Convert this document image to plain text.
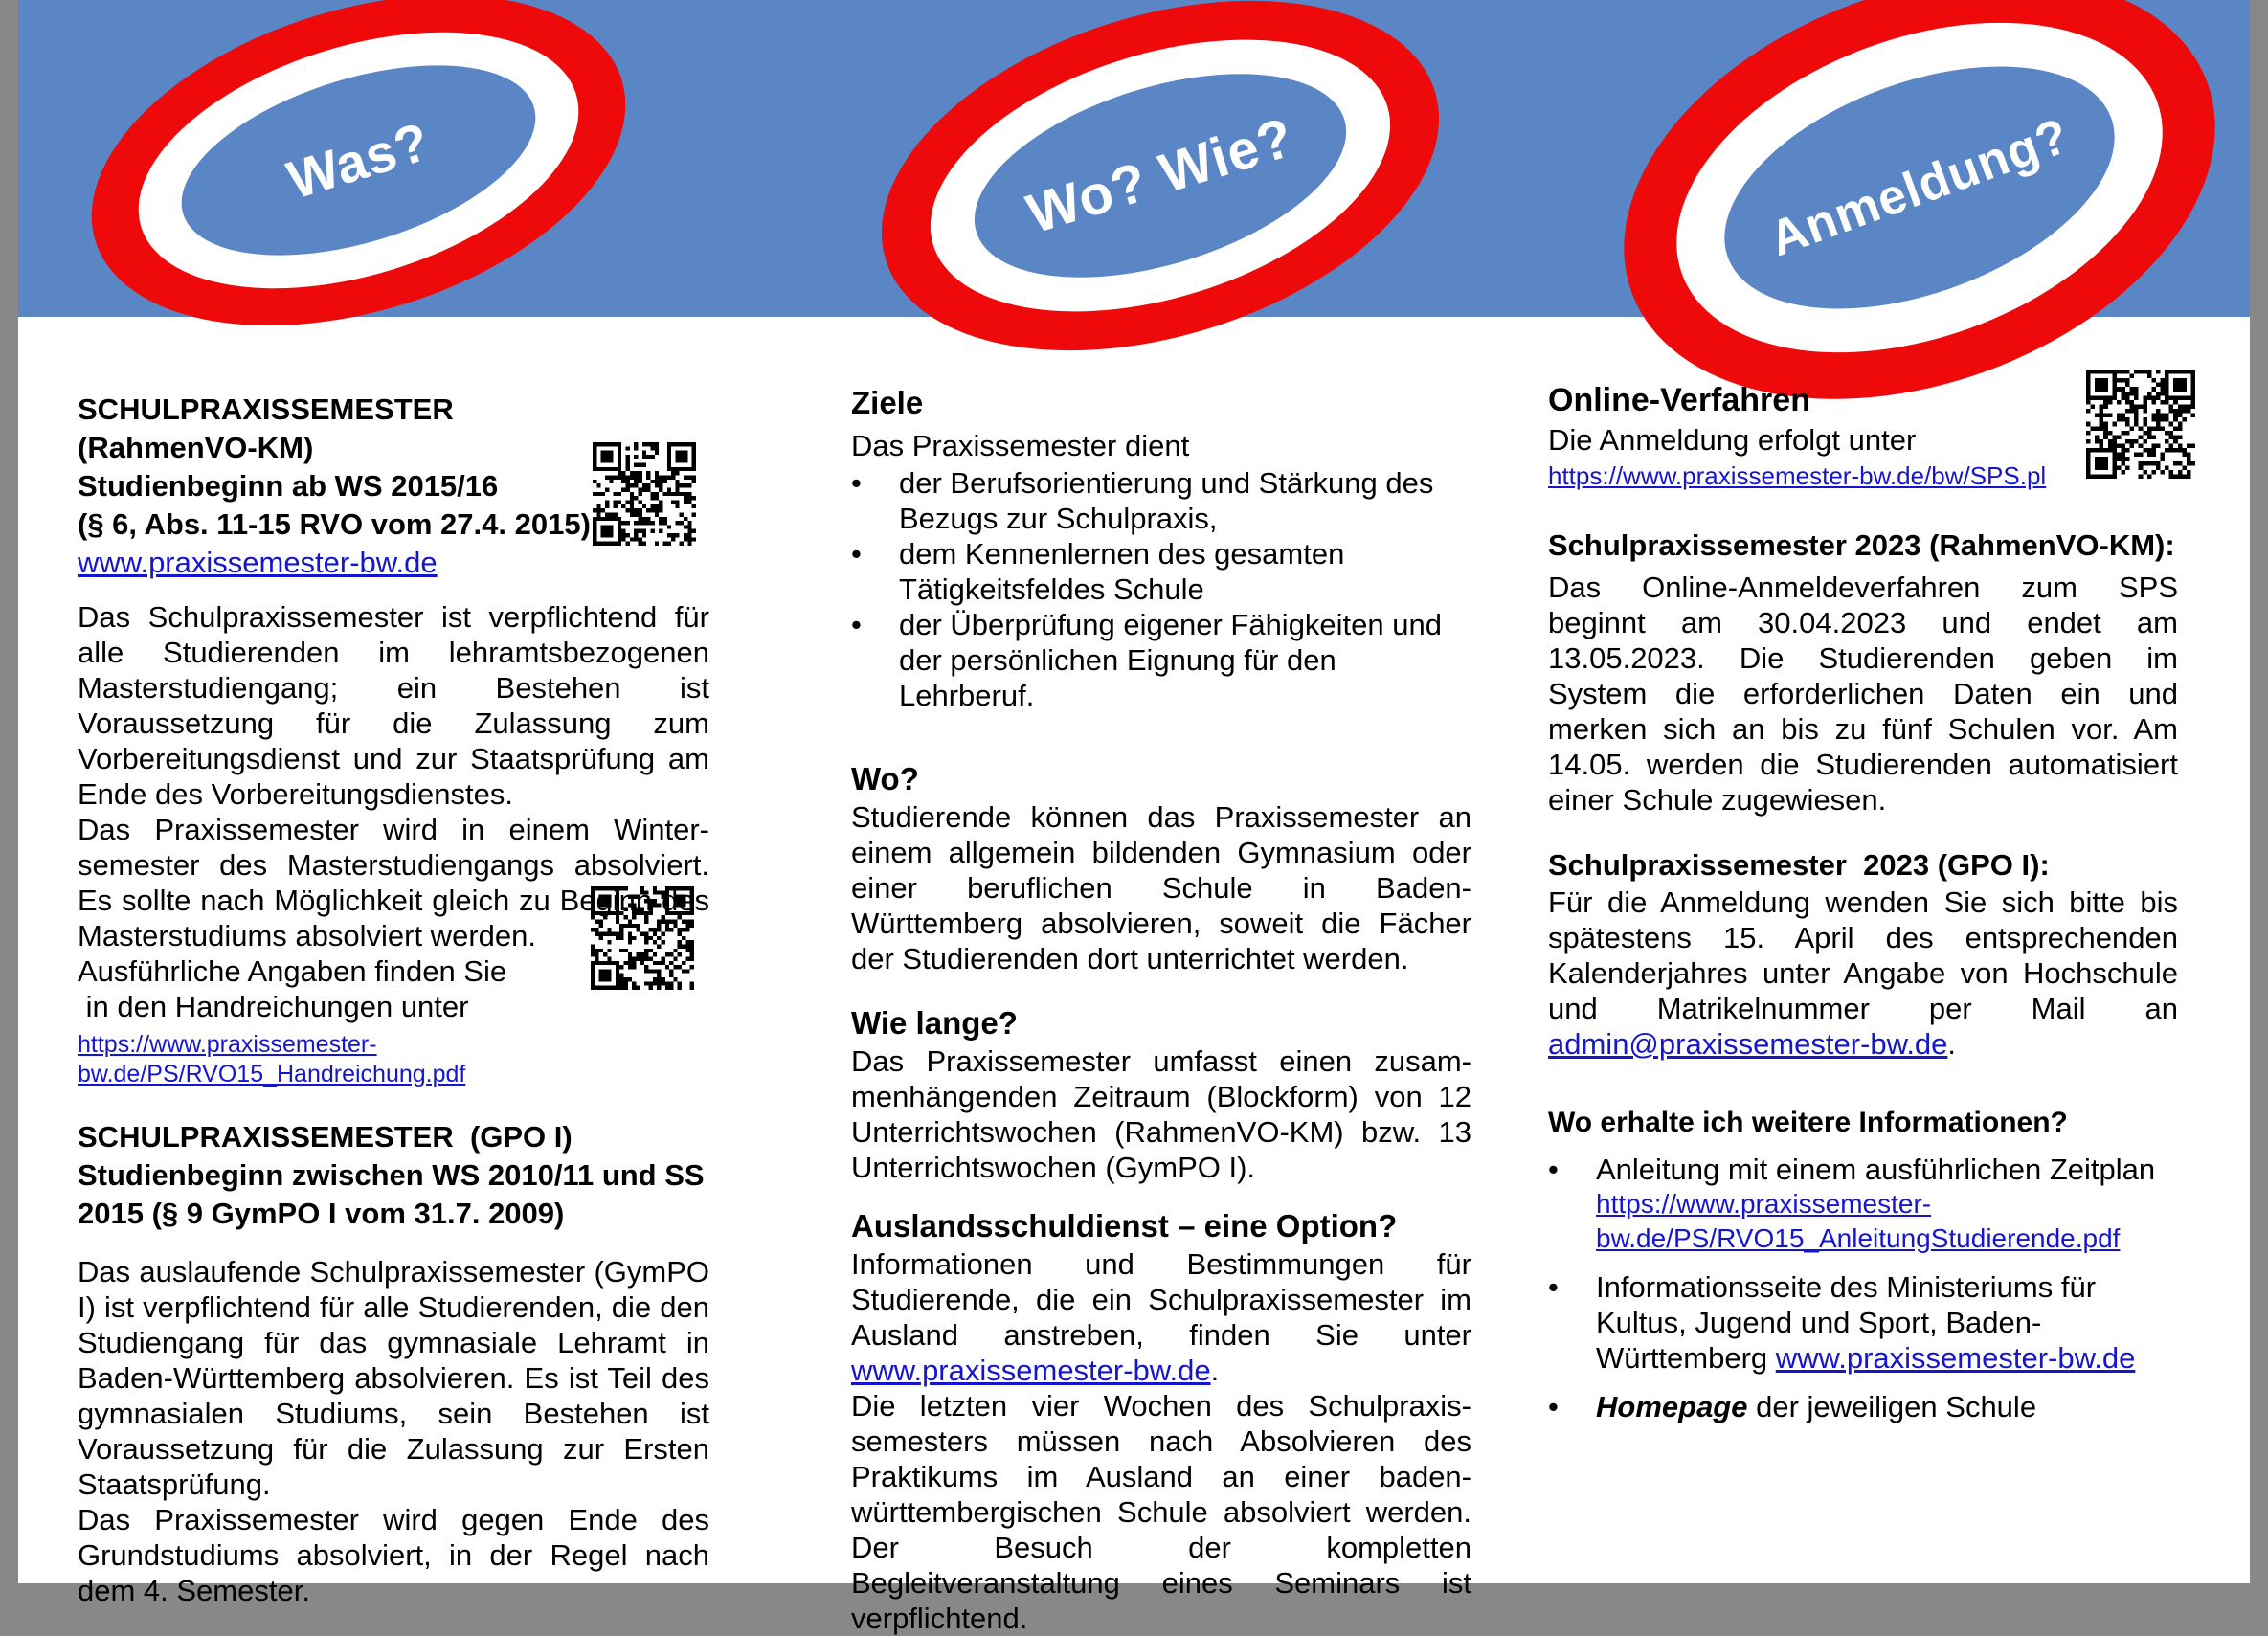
Was?	Wo? Wie?	Anmeldung?
SCHULPRAXISSEMESTER (RahmenVO-KM)
Studienbeginn ab WS 2015/16
(§ 6, Abs. 11-15 RVO vom 27.4. 2015)
www.praxissemester-bw.de

Das Schulpraxissemester ist verpflichtend für alle Studierenden im lehramtsbezogenen Masterstudiengang; ein Bestehen ist Voraussetzung für die Zulassung zum Vorbereitungsdienst und zur Staatsprüfung am Ende des Vorbereitungsdienstes.

Das Praxissemester wird in einem Winter-semester des Masterstudiengangs absolviert. Es sollte nach Möglichkeit gleich zu Beginn des Masterstudiums absolviert werden.

Ausführliche Angaben finden Sie
in den Handreichungen unter
https://www.praxissemester-
bw.de/PS/RVO15_Handreichung.pdf
SCHULPRAXISSEMESTER  (GPO I)
Studienbeginn zwischen WS 2010/11 und SS
2015 (§ 9 GymPO I vom 31.7. 2009)

Das auslaufende Schulpraxissemester (GymPO I) ist verpflichtend für alle Studierenden, die den Studiengang für das gymnasiale Lehramt in Baden-Württemberg absolvieren. Es ist Teil des gymnasialen Studiums, sein Bestehen ist Voraussetzung für die Zulassung zur Ersten Staatsprüfung.

Das Praxissemester wird gegen Ende des Grundstudiums absolviert, in der Regel nach dem 4. Semester.

Ziele
Das Praxissemester dient
•	der Berufsorientierung und Stärkung des Bezugs zur Schulpraxis,
•	dem Kennenlernen des gesamten Tätigkeitsfeldes Schule
•	der Überprüfung eigener Fähigkeiten und der persönlichen Eignung für den Lehrberuf.
Wo?

Studierende können das Praxissemester an einem allgemein bildenden Gymnasium oder einer beruflichen Schule in Baden-Württemberg absolvieren, soweit die Fächer der Studierenden dort unterrichtet werden.

Wie lange?

Das Praxissemester umfasst einen zusam-menhängenden Zeitraum (Blockform) von 12 Unterrichtswochen (RahmenVO-KM) bzw. 13 Unterrichtswochen (GymPO I).

Auslandsschuldienst – eine Option?

Informationen und Bestimmungen für Studierende, die ein Schulpraxissemester im Ausland anstreben, finden Sie unter www.praxissemester-bw.de.

Die letzten vier Wochen des Schulpraxis-semesters müssen nach Absolvieren des Praktikums im Ausland an einer baden-württembergischen Schule absolviert werden. Der Besuch der kompletten Begleitveranstaltung eines Seminars ist verpflichtend.

Online-Verfahren
Die Anmeldung erfolgt unter
https://www.praxissemester-bw.de/bw/SPS.pl
Schulpraxissemester 2023 (RahmenVO-KM):

Das Online-Anmeldeverfahren zum SPS beginnt am 30.04.2023 und endet am 13.05.2023. Die Studierenden geben im System die erforderlichen Daten ein und merken sich an bis zu fünf Schulen vor. Am 14.05. werden die Studierenden automatisiert einer Schule zugewiesen.

Schulpraxissemester  2023 (GPO I):

Für die Anmeldung wenden Sie sich bitte bis spätestens 15. April des entsprechenden Kalenderjahres unter Angabe von Hochschule und Matrikelnummer per Mail an admin@praxissemester-bw.de.

Wo erhalte ich weitere Informationen?
•	Anleitung mit einem ausführlichen Zeitplan
https://www.praxissemester-
bw.de/PS/RVO15_AnleitungStudierende.pdf
•	Informationsseite des Ministeriums für Kultus, Jugend und Sport, Baden-Württemberg www.praxissemester-bw.de
•	Homepage der jeweiligen Schule
